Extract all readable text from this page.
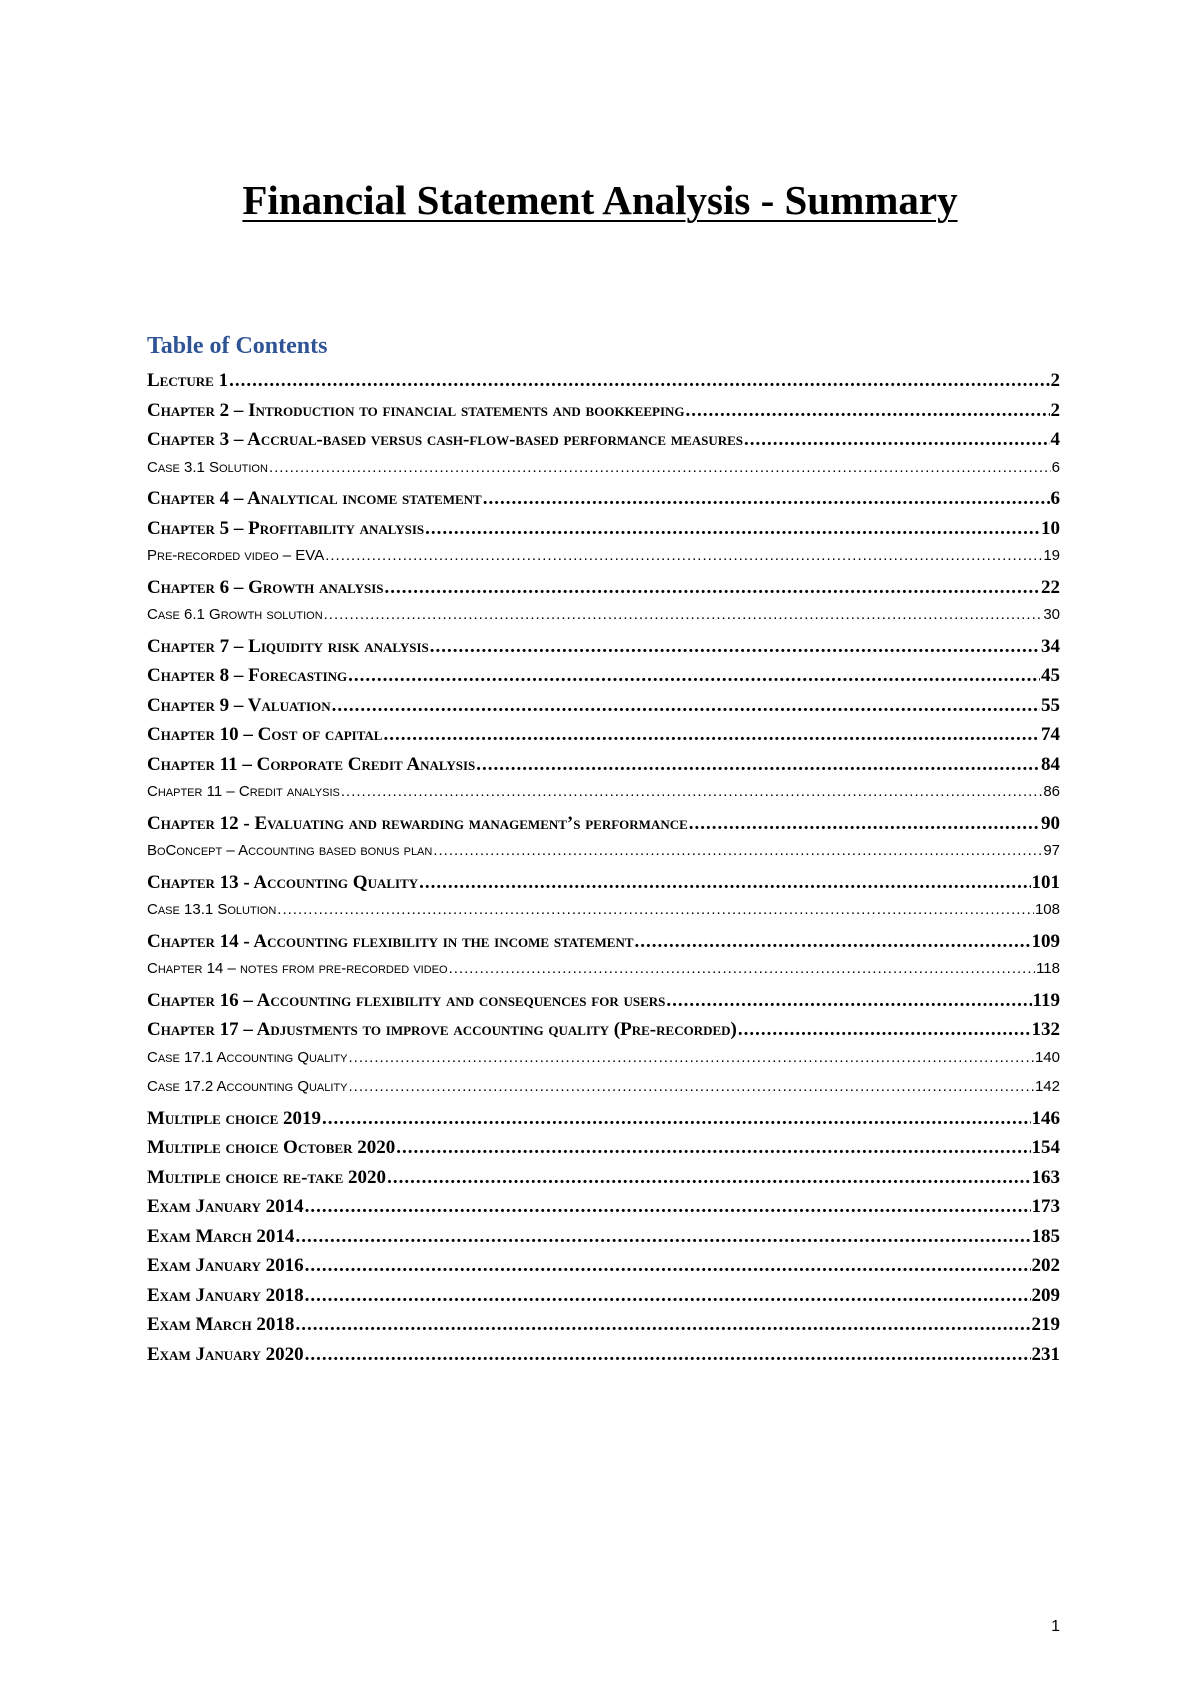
Financial Statement Analysis - Summary
Table of Contents
Lecture 1 .....	2
Chapter 2 – Introduction to financial statements and bookkeeping .....	2
Chapter 3 – Accrual-based versus cash-flow-based performance measures .....	4
Case 3.1 Solution .....	6
Chapter 4 – Analytical income statement .....	6
Chapter 5 – Profitability analysis .....	10
Pre-recorded video – EVA .....	19
Chapter 6 – Growth analysis .....	22
Case 6.1 Growth solution .....	30
Chapter 7 – Liquidity risk analysis .....	34
Chapter 8 – Forecasting .....	45
Chapter 9 – Valuation .....	55
Chapter 10 – Cost of capital .....	74
Chapter 11 – Corporate Credit Analysis .....	84
Chapter 11 – Credit analysis .....	86
Chapter 12 - Evaluating and rewarding management’s performance .....	90
BoConcept – Accounting based bonus plan .....	97
Chapter 13 - Accounting Quality .....	101
Case 13.1 Solution .....	108
Chapter 14 - Accounting flexibility in the income statement .....	109
Chapter 14 – notes from pre-recorded video .....	118
Chapter 16 – Accounting flexibility and consequences for users .....	119
Chapter 17 – Adjustments to improve accounting quality (Pre-recorded) .....	132
Case 17.1 Accounting Quality .....	140
Case 17.2 Accounting Quality .....	142
Multiple choice 2019 .....	146
Multiple choice October 2020 .....	154
Multiple choice re-take 2020 .....	163
Exam January 2014 .....	173
Exam March 2014 .....	185
Exam January 2016 .....	202
Exam January 2018 .....	209
Exam March 2018 .....	219
Exam January 2020 .....	231
1
